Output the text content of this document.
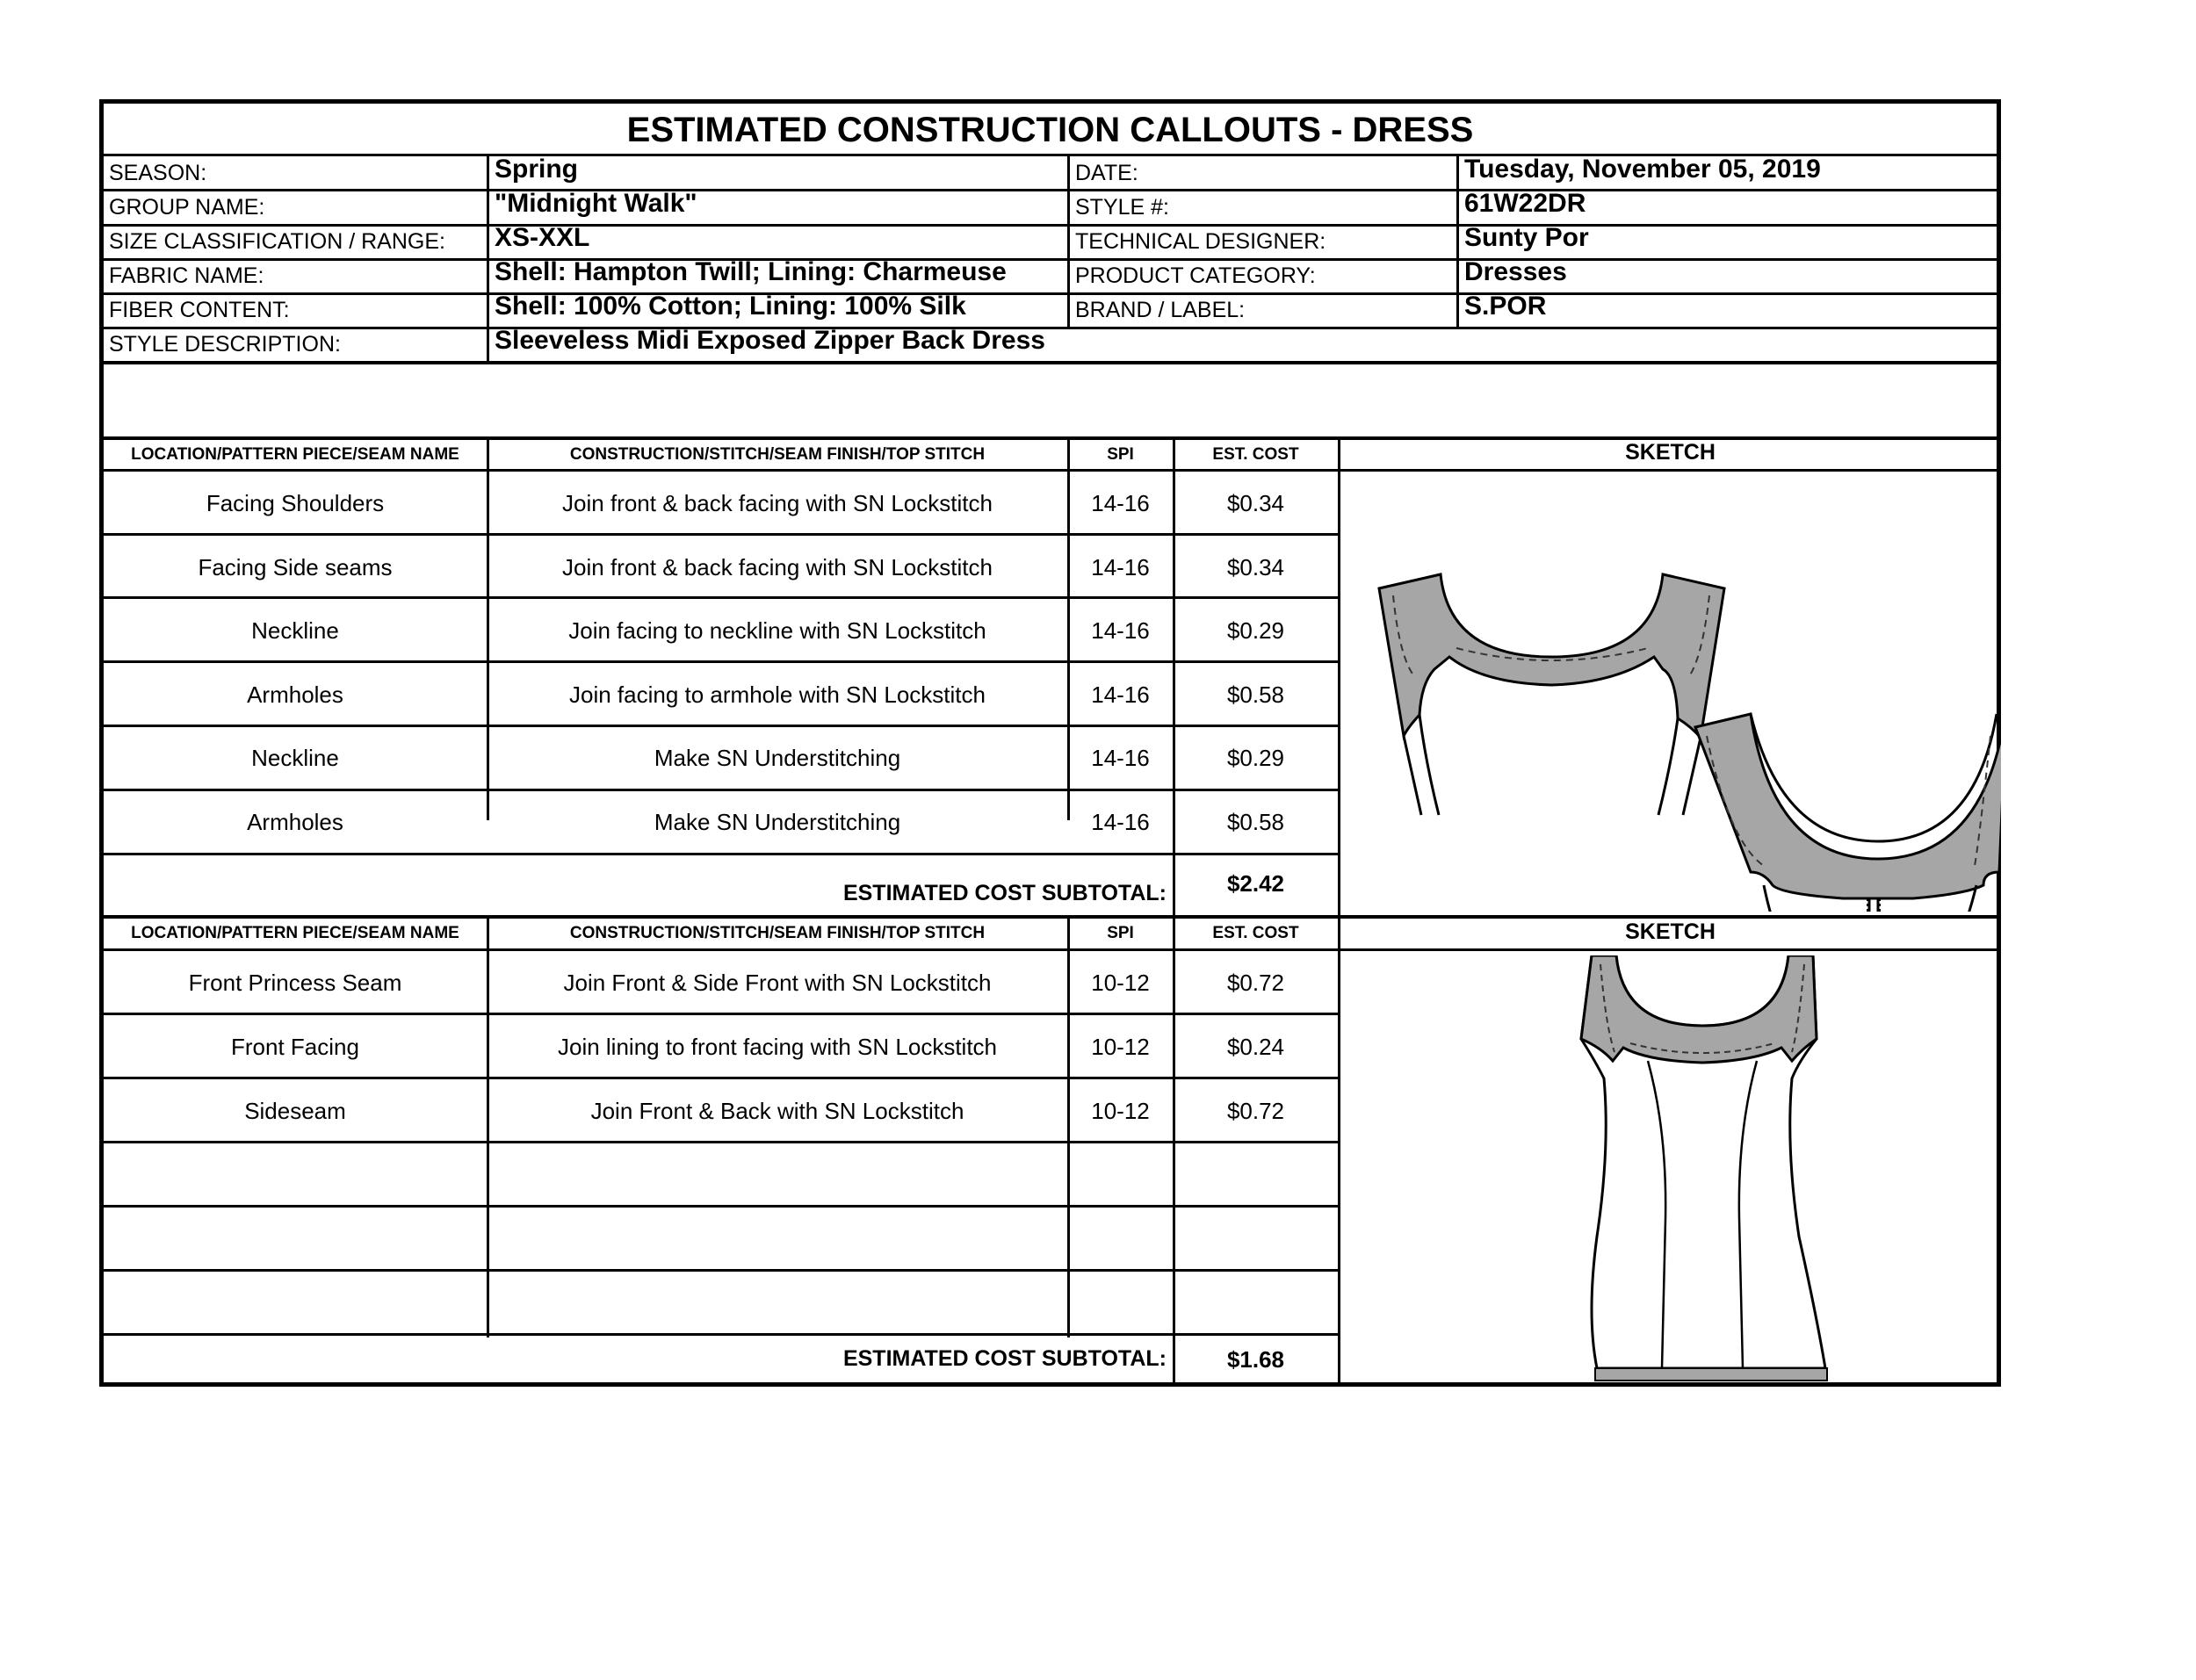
ESTIMATED CONSTRUCTION CALLOUTS - DRESS
SEASON:	Spring	DATE:	Tuesday, November 05, 2019
GROUP NAME:	"Midnight Walk"	STYLE #:	61W22DR
SIZE CLASSIFICATION / RANGE: XS-XXL	TECHNICAL DESIGNER:	Sunty Por
FABRIC NAME:	Shell: Hampton Twill; Lining: Charmeuse	PRODUCT CATEGORY:	Dresses
FIBER CONTENT:	Shell: 100% Cotton; Lining: 100% Silk	BRAND / LABEL:	S.POR
STYLE DESCRIPTION:	Sleeveless Midi Exposed Zipper Back Dress
LOCATION/PATTERN PIECE/SEAM NAME	CONSTRUCTION/STITCH/SEAM FINISH/TOP STITCH	SPI	EST. COST	SKETCH
Facing Shoulders	Join front & back facing with SN Lockstitch	14-16	$0.34
Facing Side seams	Join front & back facing with SN Lockstitch	14-16	$0.34
Neckline	Join facing to neckline with SN Lockstitch	14-16	$0.29
Armholes	Join facing to armhole with SN Lockstitch	14-16	$0.58
Neckline	Make SN Understitching	14-16	$0.29
Armholes	Make SN Understitching	14-16	$0.58
ESTIMATED COST SUBTOTAL:	$2.42
LOCATION/PATTERN PIECE/SEAM NAME	CONSTRUCTION/STITCH/SEAM FINISH/TOP STITCH	SPI	EST. COST	SKETCH
Front Princess Seam	Join Front & Side Front with SN Lockstitch	10-12	$0.72
Front Facing	Join lining to front facing with SN Lockstitch	10-12	$0.24
Sideseam	Join Front & Back with SN Lockstitch	10-12	$0.72
ESTIMATED COST SUBTOTAL:	$1.68
